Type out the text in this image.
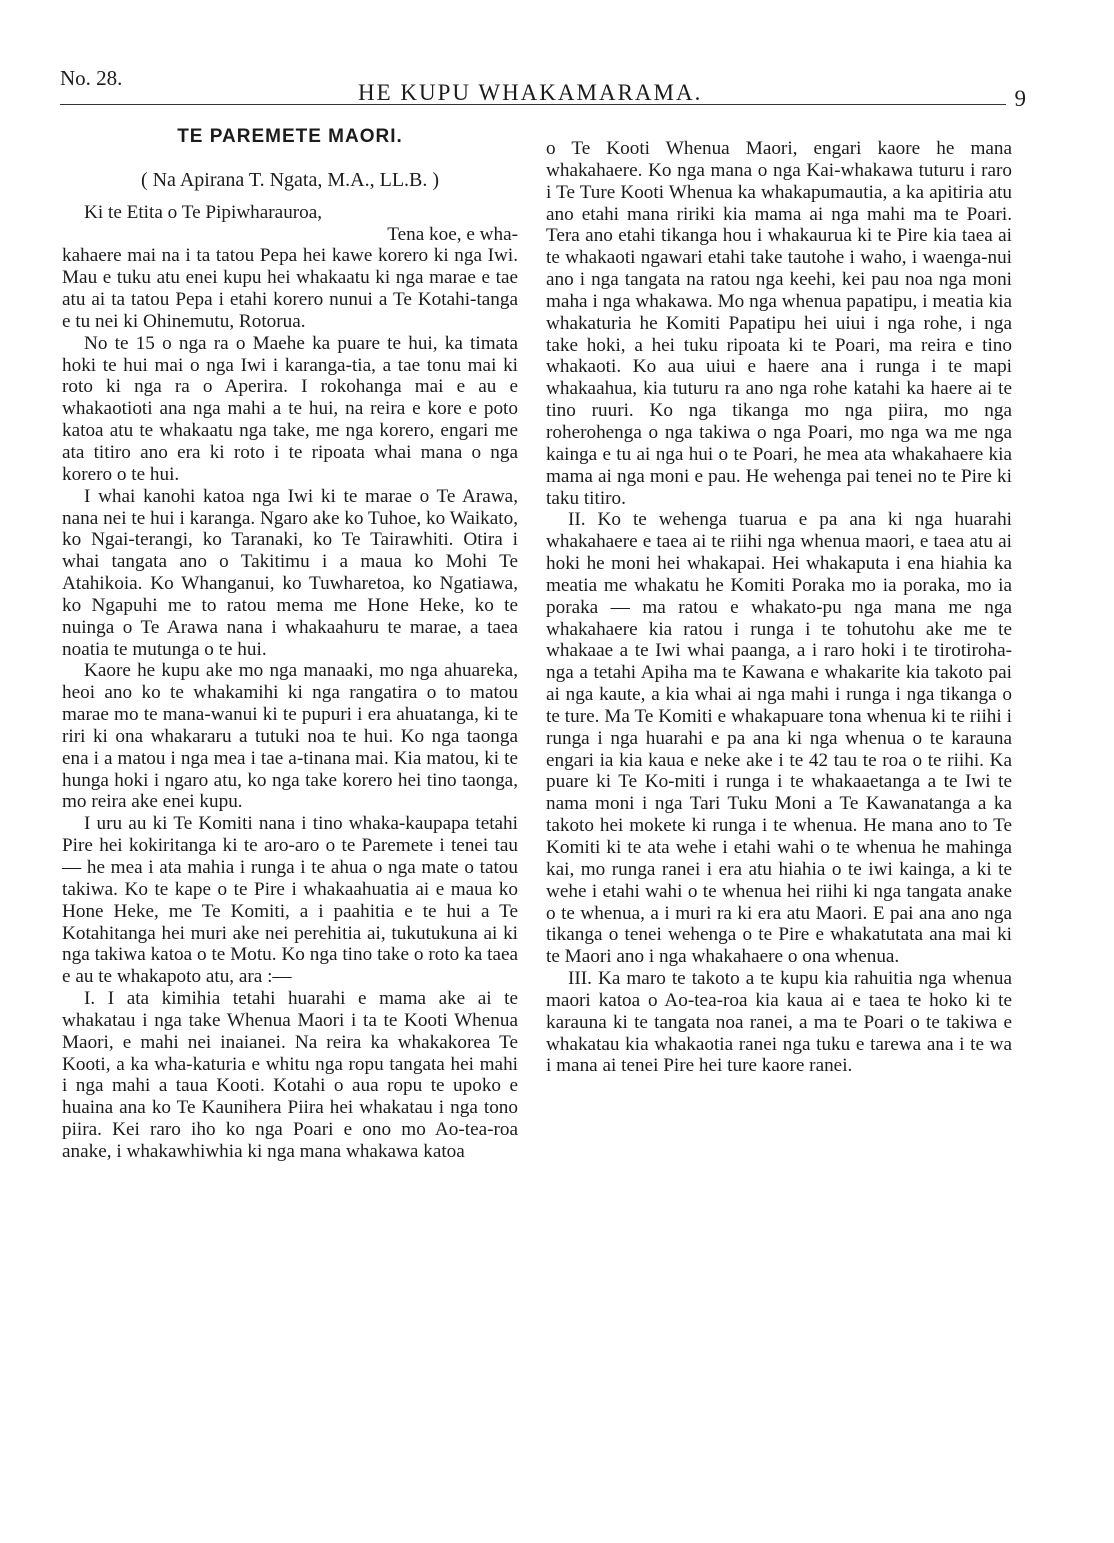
No. 28.
HE KUPU WHAKAMARAMA.	9
TE PAREMETE MAORI.
( Na Apirana T. Ngata, M.A., LL.B. )

Ki te Etita o Te Pipiwharauroa,

Tena koe, e wha-

kahaere mai na i ta tatou Pepa hei kawe korero ki nga Iwi. Mau e tuku atu enei kupu hei whakaatu ki nga marae e tae atu ai ta tatou Pepa i etahi korero nunui a Te Kotahi-tanga e tu nei ki Ohinemutu, Rotorua.

No te 15 o nga ra o Maehe ka puare te hui, ka timata hoki te hui mai o nga Iwi i karanga-tia, a tae tonu mai ki roto ki nga ra o Aperira. I rokohanga mai e au e whakaotioti ana nga mahi a te hui, na reira e kore e poto katoa atu te whakaatu nga take, me nga korero, engari me ata titiro ano era ki roto i te ripoata whai mana o nga korero o te hui.

I whai kanohi katoa nga Iwi ki te marae o Te Arawa, nana nei te hui i karanga. Ngaro ake ko Tuhoe, ko Waikato, ko Ngai-terangi, ko Taranaki, ko Te Tairawhiti. Otira i whai tangata ano o Takitimu i a maua ko Mohi Te Atahikoia. Ko Whanganui, ko Tuwharetoa, ko Ngatiawa, ko Ngapuhi me to ratou mema me Hone Heke, ko te nuinga o Te Arawa nana i whakaahuru te marae, a taea noatia te mutunga o te hui.

Kaore he kupu ake mo nga manaaki, mo nga ahuareka, heoi ano ko te whakamihi ki nga rangatira o to matou marae mo te mana-wanui ki te pupuri i era ahuatanga, ki te riri ki ona whakararu a tutuki noa te hui. Ko nga taonga ena i a matou i nga mea i tae a-tinana mai. Kia matou, ki te hunga hoki i ngaro atu, ko nga take korero hei tino taonga, mo reira ake enei kupu.

I uru au ki Te Komiti nana i tino whaka-kaupapa tetahi Pire hei kokiritanga ki te aro-aro o te Paremete i tenei tau — he mea i ata mahia i runga i te ahua o nga mate o tatou takiwa. Ko te kape o te Pire i whakaahuatia ai e maua ko Hone Heke, me Te Komiti, a i paahitia e te hui a Te Kotahitanga hei muri ake nei perehitia ai, tukutukuna ai ki nga takiwa katoa o te Motu. Ko nga tino take o roto ka taea e au te whakapoto atu, ara :—

I. I ata kimihia tetahi huarahi e mama ake ai te whakatau i nga take Whenua Maori i ta te Kooti Whenua Maori, e mahi nei inaianei. Na reira ka whakakorea Te Kooti, a ka wha-katuria e whitu nga ropu tangata hei mahi i nga mahi a taua Kooti. Kotahi o aua ropu te upoko e huaina ana ko Te Kaunihera Piira hei whakatau i nga tono piira. Kei raro iho ko nga Poari e ono mo Ao-tea-roa anake, i whakawhiwhia ki nga mana whakawa katoa

o Te Kooti Whenua Maori, engari kaore he mana whakahaere. Ko nga mana o nga Kai-whakawa tuturu i raro i Te Ture Kooti Whenua ka whakapumautia, a ka apitiria atu ano etahi mana ririki kia mama ai nga mahi ma te Poari. Tera ano etahi tikanga hou i whakaurua ki te Pire kia taea ai te whakaoti ngawari etahi take tautohe i waho, i waenga-nui ano i nga tangata na ratou nga keehi, kei pau noa nga moni maha i nga whakawa. Mo nga whenua papatipu, i meatia kia whakaturia he Komiti Papatipu hei uiui i nga rohe, i nga take hoki, a hei tuku ripoata ki te Poari, ma reira e tino whakaoti. Ko aua uiui e haere ana i runga i te mapi whakaahua, kia tuturu ra ano nga rohe katahi ka haere ai te tino ruuri. Ko nga tikanga mo nga piira, mo nga roherohenga o nga takiwa o nga Poari, mo nga wa me nga kainga e tu ai nga hui o te Poari, he mea ata whakahaere kia mama ai nga moni e pau. He wehenga pai tenei no te Pire ki taku titiro.

II. Ko te wehenga tuarua e pa ana ki nga huarahi whakahaere e taea ai te riihi nga whenua maori, e taea atu ai hoki he moni hei whakapai. Hei whakaputa i ena hiahia ka meatia me whakatu he Komiti Poraka mo ia poraka, mo ia poraka — ma ratou e whakato-pu nga mana me nga whakahaere kia ratou i runga i te tohutohu ake me te whakaae a te Iwi whai paanga, a i raro hoki i te tirotiroha-nga a tetahi Apiha ma te Kawana e whakarite kia takoto pai ai nga kaute, a kia whai ai nga mahi i runga i nga tikanga o te ture. Ma Te Komiti e whakapuare tona whenua ki te riihi i runga i nga huarahi e pa ana ki nga whenua o te karauna engari ia kia kaua e neke ake i te 42 tau te roa o te riihi. Ka puare ki Te Ko-miti i runga i te whakaaetanga a te Iwi te nama moni i nga Tari Tuku Moni a Te Kawanatanga a ka takoto hei mokete ki runga i te whenua. He mana ano to Te Komiti ki te ata wehe i etahi wahi o te whenua he mahinga kai, mo runga ranei i era atu hiahia o te iwi kainga, a ki te wehe i etahi wahi o te whenua hei riihi ki nga tangata anake o te whenua, a i muri ra ki era atu Maori. E pai ana ano nga tikanga o tenei wehenga o te Pire e whakatutata ana mai ki te Maori ano i nga whakahaere o ona whenua.

III. Ka maro te takoto a te kupu kia rahuitia nga whenua maori katoa o Ao-tea-roa kia kaua ai e taea te hoko ki te karauna ki te tangata noa ranei, a ma te Poari o te takiwa e whakatau kia whakaotia ranei nga tuku e tarewa ana i te wa i mana ai tenei Pire hei ture kaore ranei.
